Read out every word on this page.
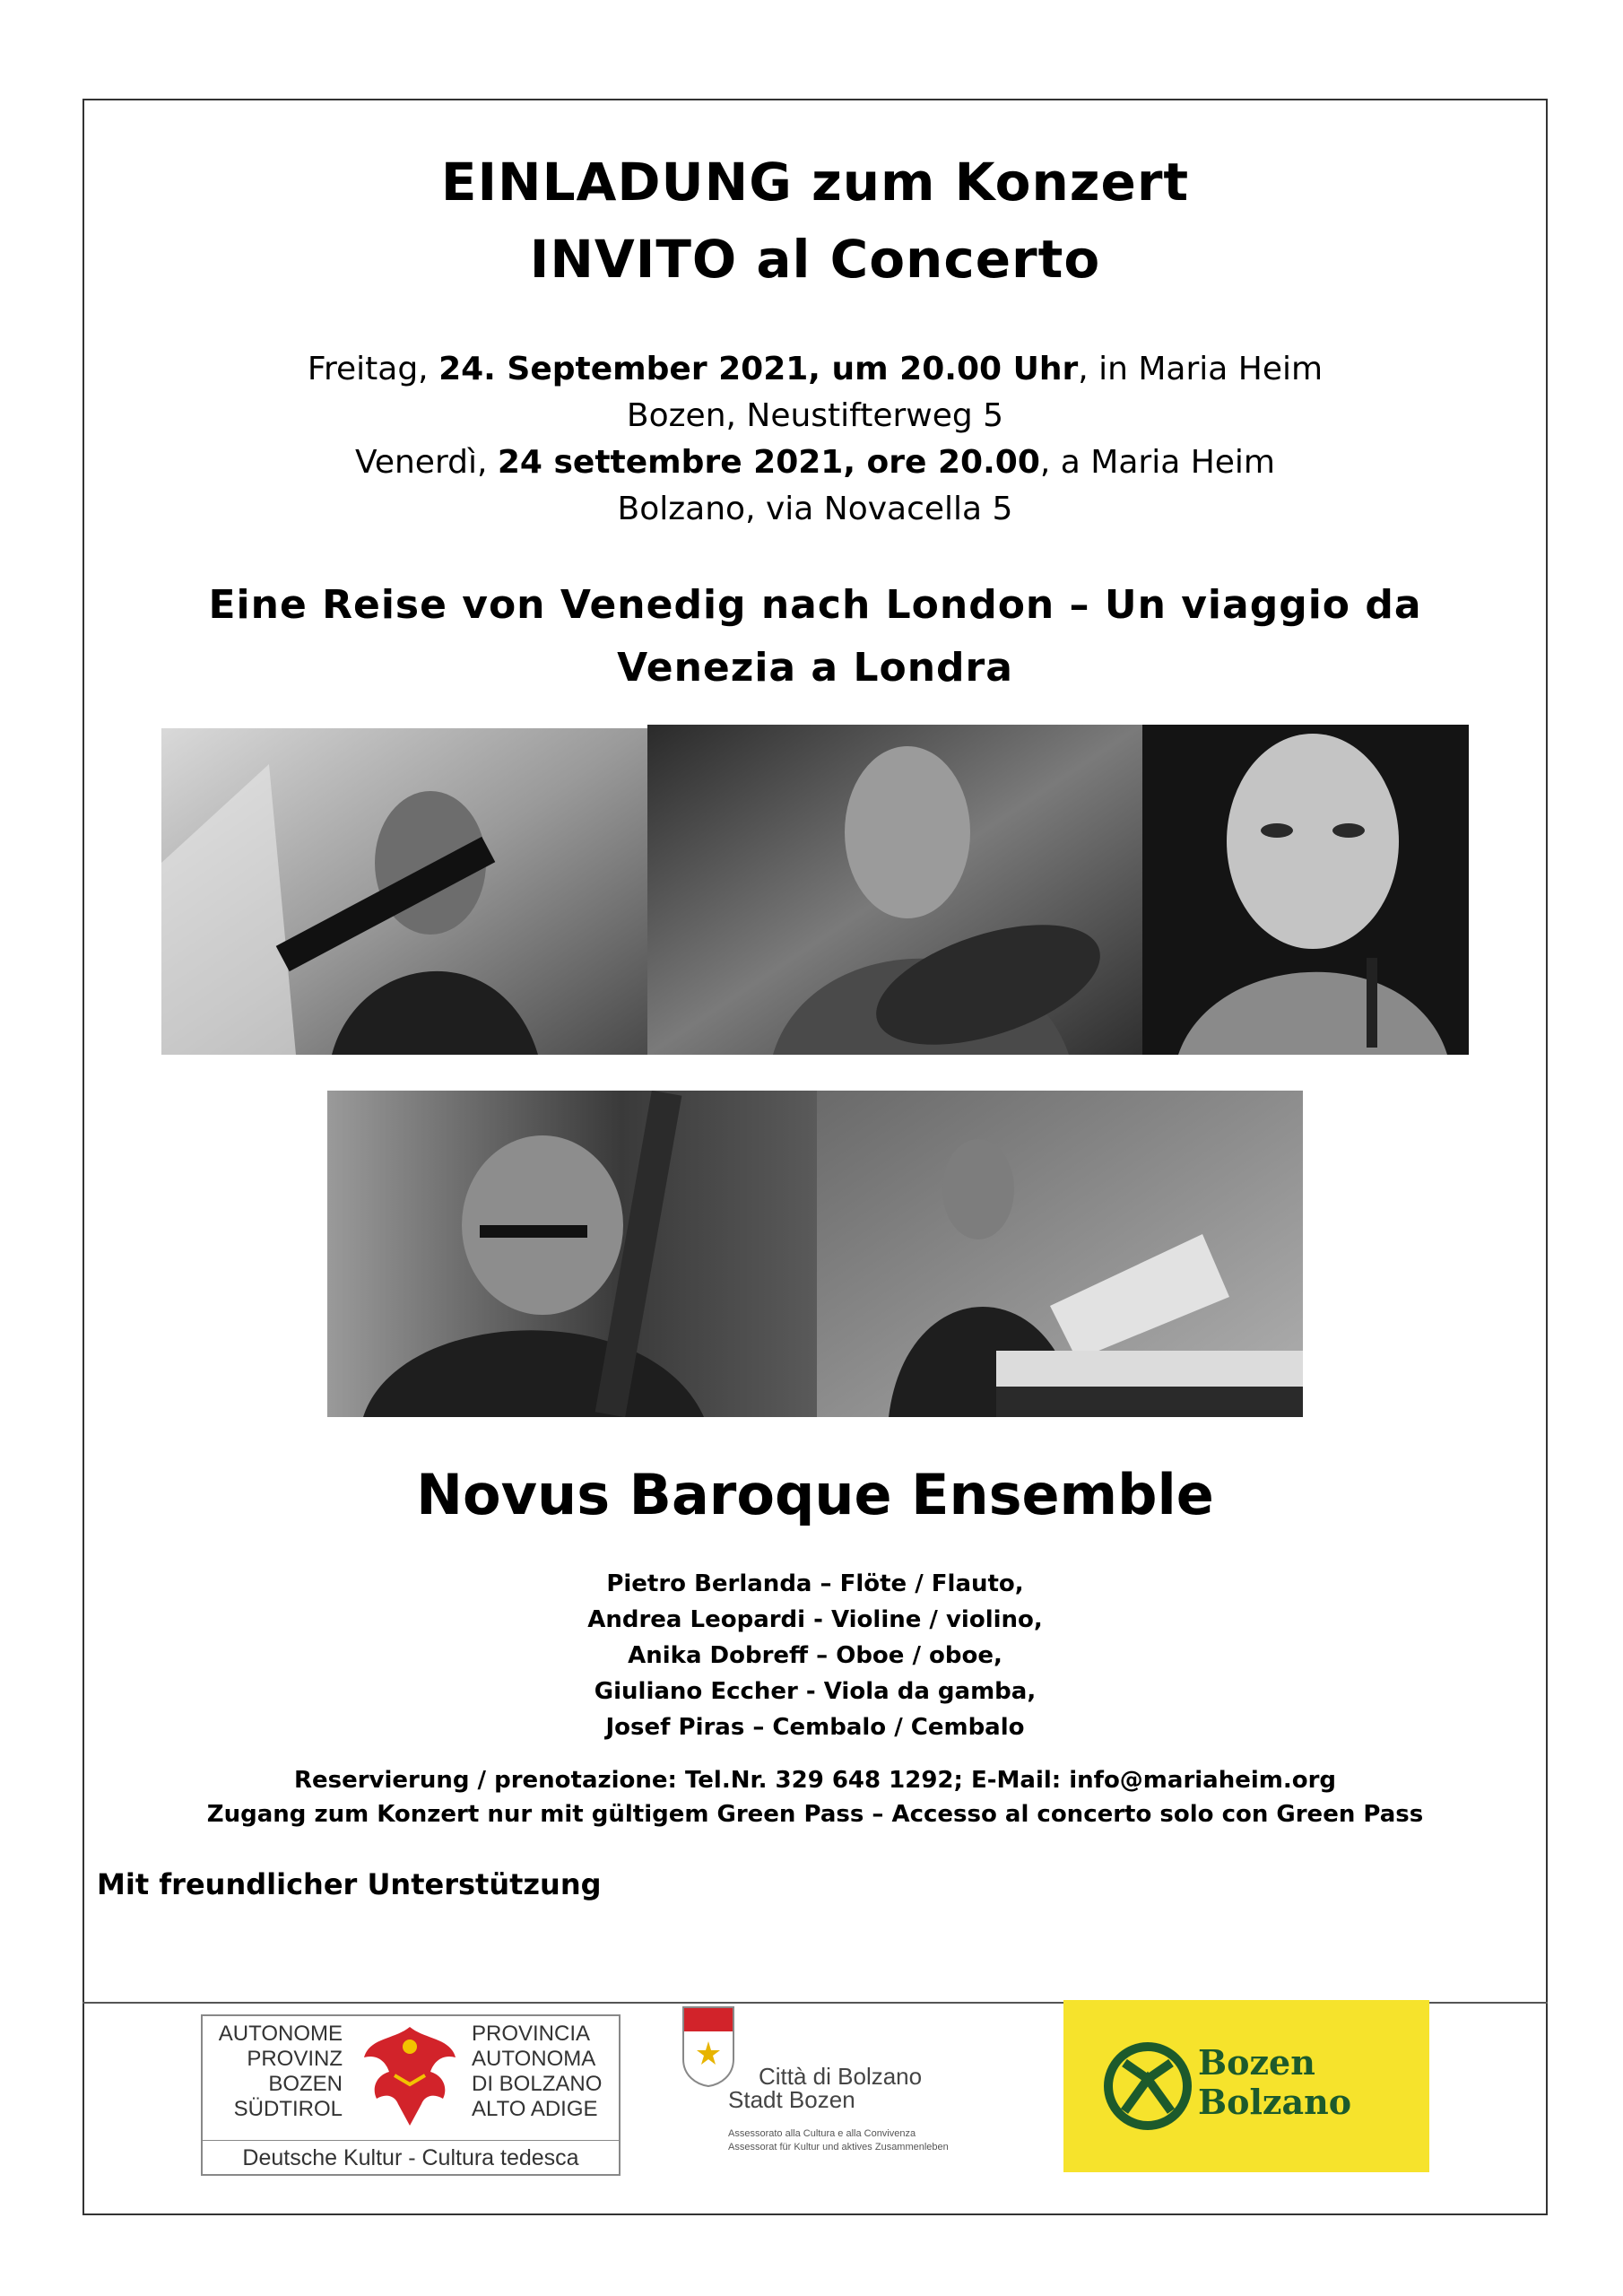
EINLADUNG zum Konzert
INVITO al Concerto
Freitag, 24. September 2021, um 20.00 Uhr, in Maria Heim
Bozen, Neustifterweg 5
Venerdì, 24 settembre 2021, ore 20.00, a Maria Heim
Bolzano, via Novacella 5
Eine Reise von Venedig nach London – Un viaggio da Venezia a Londra
Novus Baroque Ensemble
Pietro Berlanda – Flöte / Flauto,
Andrea Leopardi - Violine / violino,
Anika Dobreff – Oboe / oboe,
Giuliano Eccher - Viola da gamba,
Josef Piras – Cembalo / Cembalo
Reservierung / prenotazione: Tel.Nr. 329 648 1292; E-Mail: info@mariaheim.org
Zugang zum Konzert nur mit gültigem Green Pass – Accesso al concerto solo con Green Pass
Mit freundlicher Unterstützung
AUTONOME
PROVINZ
BOZEN
SÜDTIROL
PROVINCIA
AUTONOMA
DI BOLZANO
ALTO ADIGE
Deutsche Kultur - Cultura tedesca
Città di Bolzano
Stadt Bozen
Assessorato alla Cultura e alla Convivenza
Assessorat für Kultur und aktives Zusammenleben
Bozen
Bolzano
